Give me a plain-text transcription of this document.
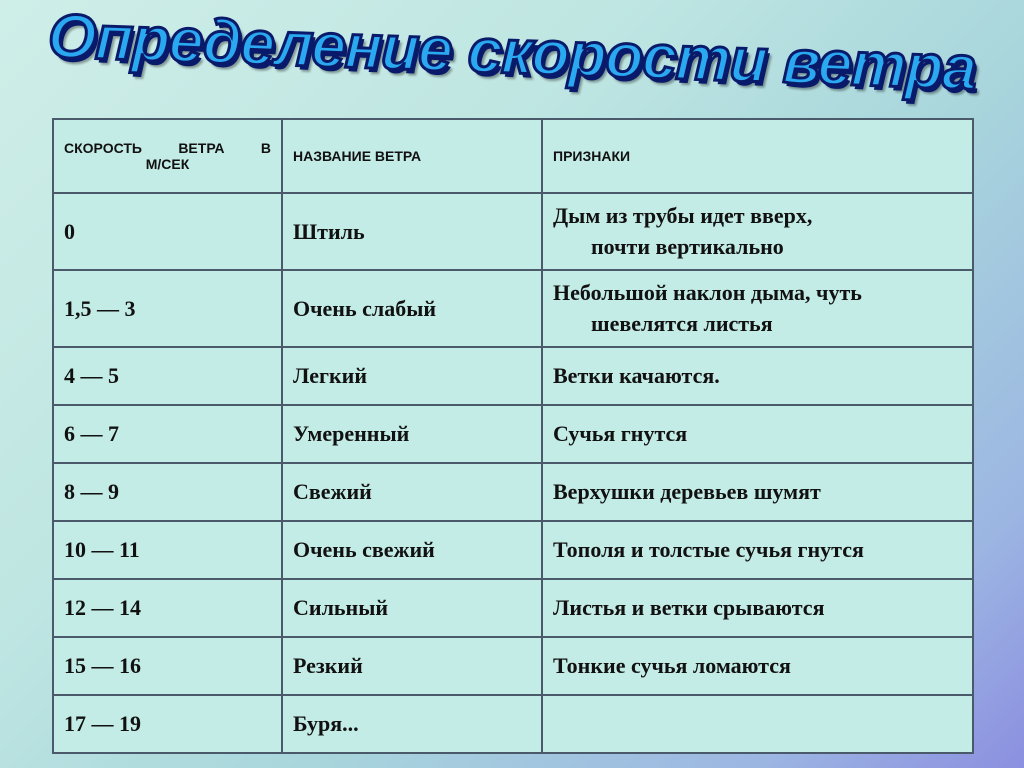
Определение скорости ветра
СКОРОСТЬ ВЕТРА В
М/СЕК	НАЗВАНИЕ ВЕТРА	ПРИЗНАКИ
0	Штиль	Дым из трубы идет вверх,
почти вертикально

1,5 — 3	Очень слабый	Небольшой наклон дыма, чуть
шевелятся листья

4 — 5	Легкий	Ветки качаются.
6 — 7	Умеренный	Сучья гнутся
8 — 9	Свежий	Верхушки деревьев шумят
10 — 11	Очень свежий	Тополя и толстые сучья гнутся
12 — 14	Сильный	Листья и ветки срываются
15 — 16	Резкий	Тонкие сучья ломаются
17 — 19	Буря...	
